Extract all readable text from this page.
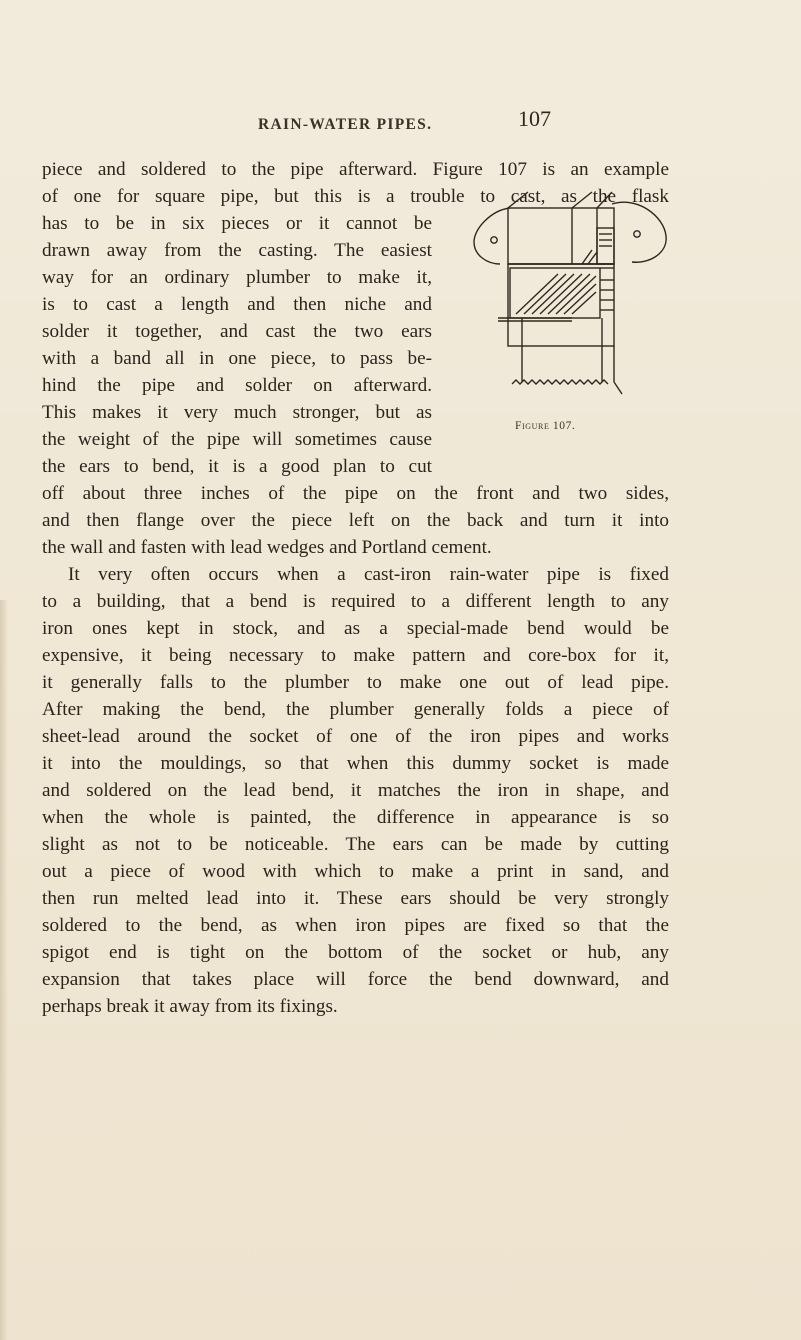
RAIN-WATER PIPES.	107
piece and soldered to the pipe afterward. Figure 107 is an example
of one for square pipe, but this is a trouble to cast, as the flask
has to be in six pieces or it cannot be
drawn away from the casting. The easiest
way for an ordinary plumber to make it,
is to cast a length and then niche and
solder it together, and cast the two ears
with a band all in one piece, to pass be-
hind the pipe and solder on afterward.
This makes it very much stronger, but as
the weight of the pipe will sometimes cause
the ears to bend, it is a good plan to cut
off about three inches of the pipe on the front and two sides,
and then flange over the piece left on the back and turn it into
the wall and fasten with lead wedges and Portland cement.
It very often occurs when a cast-iron rain-water pipe is fixed
to a building, that a bend is required to a different length to any
iron ones kept in stock, and as a special-made bend would be
expensive, it being necessary to make pattern and core-box for it,
it generally falls to the plumber to make one out of lead pipe.
After making the bend, the plumber generally folds a piece of
sheet-lead around the socket of one of the iron pipes and works
it into the mouldings, so that when this dummy socket is made
and soldered on the lead bend, it matches the iron in shape, and
when the whole is painted, the difference in appearance is so
slight as not to be noticeable. The ears can be made by cutting
out a piece of wood with which to make a print in sand, and
then run melted lead into it. These ears should be very strongly
soldered to the bend, as when iron pipes are fixed so that the
spigot end is tight on the bottom of the socket or hub, any
expansion that takes place will force the bend downward, and
perhaps break it away from its fixings.
Figure 107.
